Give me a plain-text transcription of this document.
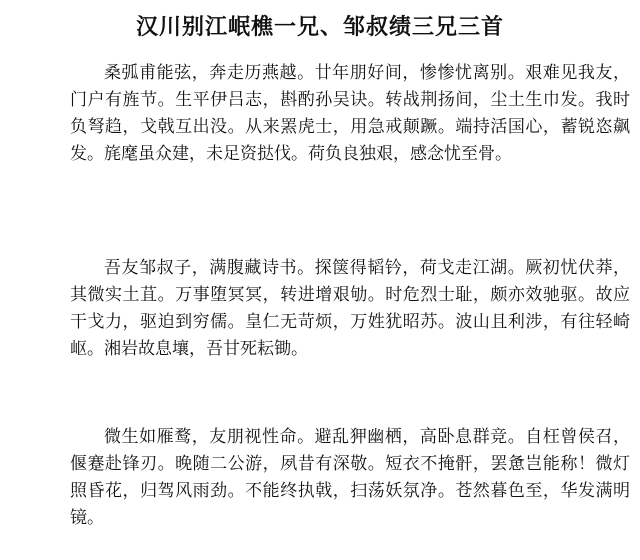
汉川别江岷樵一兄、邹叔绩三兄三首

桑弧甫能弦，奔走历燕越。廿年朋好间，惨惨忧离别。艰难见我友，门户有旌节。生平伊吕志，斟酌孙吴诀。转战荆扬间，尘土生巾发。我时负弩趋，戈戟互出没。从来罴虎士，用急戒颠蹶。端持活国心，蓄锐恣飙发。旄麾虽众建，未足资挞伐。荷负良独艰，感念忧至骨。

吾友邹叔子，满腹藏诗书。探箧得韬钤，荷戈走江湖。厥初忧伏莽，其微实土苴。万事堕冥冥，转进增艰劬。时危烈士耻，颇亦效驰驱。故应干戈力，驱迫到穷儒。皇仁无苛烦，万姓犹昭苏。波山且利涉，有往轻崎岖。湘岩故息壤，吾甘死耘锄。

微生如雁鹜，友朋视性命。避乱狎幽栖，高卧息群竞。自枉曾侯召，偃蹇赴锋刃。晚随二公游，夙昔有深敬。短衣不掩骭，罢惫岂能称！微灯照昏花，归驾风雨劲。不能终执戟，扫荡妖氛净。苍然暮色至，华发满明镜。
